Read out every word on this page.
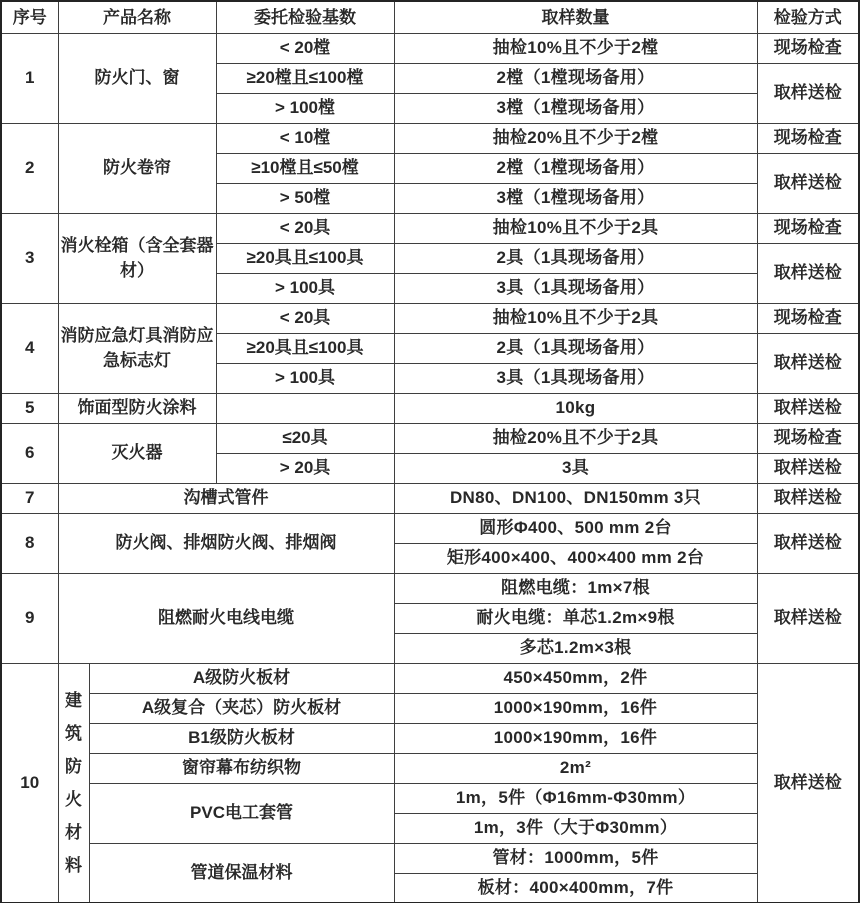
序号	产品名称		委托检验基数	取样数量	检验方式
1	防火门、窗		< 20樘	抽检10%且不少于2樘	现场检查
			≥20樘且≤100樘	2樘（1樘现场备用）	取样送检
			> 100樘	3樘（1樘现场备用）	
2	防火卷帘		< 10樘	抽检20%且不少于2樘	现场检查
			≥10樘且≤50樘	2樘（1樘现场备用）	取样送检
			> 50樘	3樘（1樘现场备用）	
3	消火栓箱（含全套器材）		< 20具	抽检10%且不少于2具	现场检查
			≥20具且≤100具	2具（1具现场备用）	取样送检
			> 100具	3具（1具现场备用）	
4	消防应急灯具消防应急标志灯		< 20具	抽检10%且不少于2具	现场检查
			≥20具且≤100具	2具（1具现场备用）	取样送检
			> 100具	3具（1具现场备用）	
5	饰面型防火涂料			10kg	取样送检
6	灭火器		≤20具	抽检20%且不少于2具	现场检查
			> 20具	3具	取样送检
7	沟槽式管件			DN80、DN100、DN150mm 3只	取样送检
8	防火阀、排烟防火阀、排烟阀			圆形Φ400、500 mm 2台	取样送检
				矩形400×400、400×400 mm 2台	
9	阻燃耐火电线电缆			阻燃电缆：1m×7根	取样送检
				耐火电缆：单芯1.2m×9根	
				多芯1.2m×3根	
10	建筑防火材料	A级防火板材		450×450mm，2件	取样送检
		A级复合（夹芯）防火板材		1000×190mm，16件	
		B1级防火板材		1000×190mm，16件	
		窗帘幕布纺织物		2m²	
		PVC电工套管		1m，5件（Φ16mm-Φ30mm）	
				1m，3件（大于Φ30mm）	
		管道保温材料		管材：1000mm，5件	
				板材：400×400mm，7件	
